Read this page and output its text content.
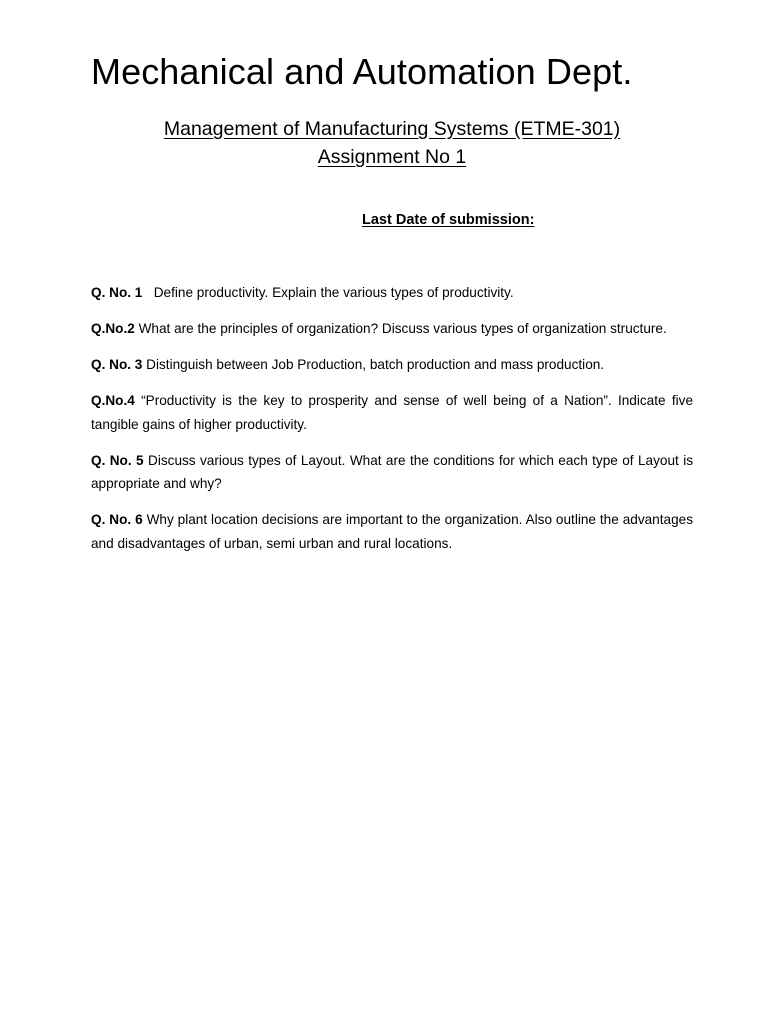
Mechanical and Automation Dept.
Management of Manufacturing Systems (ETME-301)
Assignment No 1
Last Date of submission:

Q. No. 1 Define productivity. Explain the various types of productivity.

Q.No.2 What are the principles of organization? Discuss various types of organization structure.

Q. No. 3 Distinguish between Job Production, batch production and mass production.

Q.No.4 “Productivity is the key to prosperity and sense of well being of a Nation”. Indicate five tangible gains of higher productivity.

Q. No. 5 Discuss various types of Layout. What are the conditions for which each type of Layout is appropriate and why?

Q. No. 6 Why plant location decisions are important to the organization. Also outline the advantages and disadvantages of urban, semi urban and rural locations.
